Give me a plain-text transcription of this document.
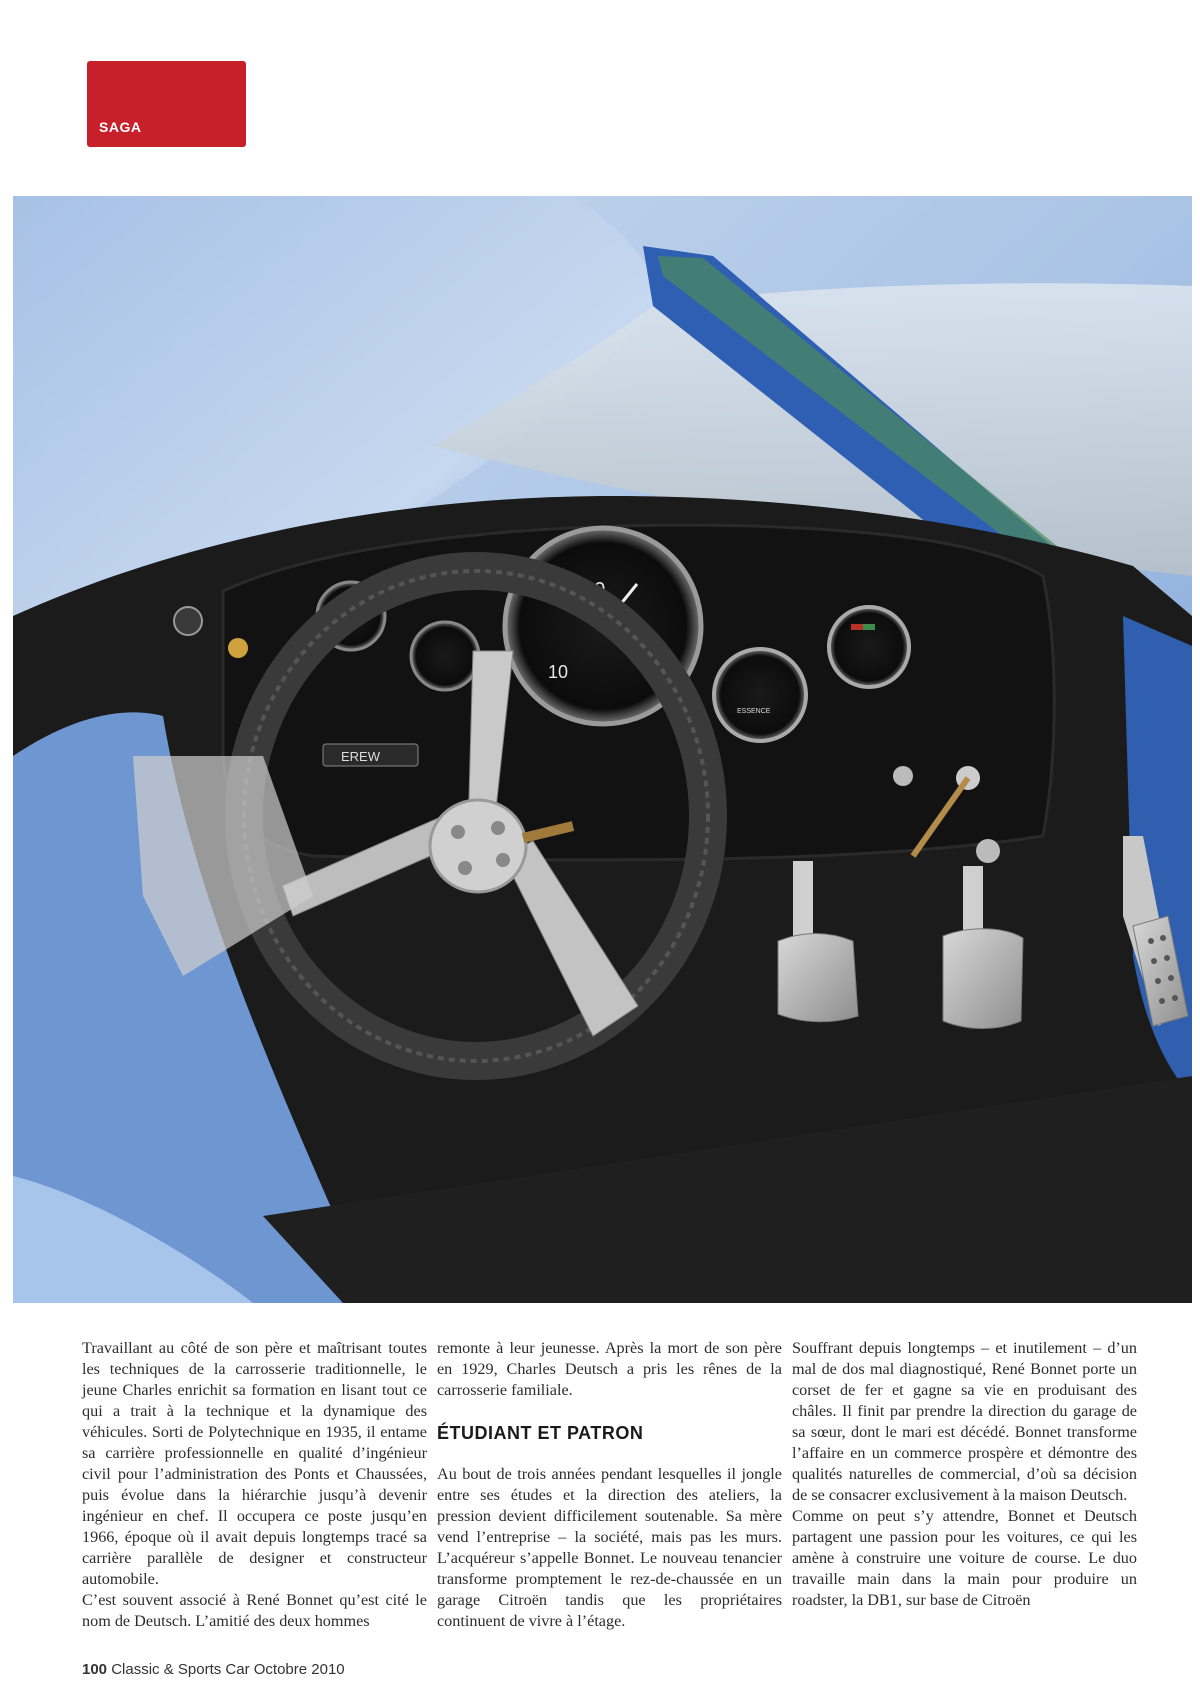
SAGA
30
10
ESSENCE
EREW

Travaillant au côté de son père et maîtrisant toutes les techniques de la carrosserie traditionnelle, le jeune Charles enrichit sa formation en lisant tout ce qui a trait à la technique et la dynamique des véhicules. Sorti de Polytechnique en 1935, il entame sa carrière professionnelle en qualité d’ingénieur civil pour l’administration des Ponts et Chaussées, puis évolue dans la hiérarchie jusqu’à devenir ingénieur en chef. Il occupera ce poste jusqu’en 1966, époque où il avait depuis longtemps tracé sa carrière parallèle de designer et constructeur automobile.

C’est souvent associé à René Bonnet qu’est cité le nom de Deutsch. L’amitié des deux hommes

remonte à leur jeunesse. Après la mort de son père en 1929, Charles Deutsch a pris les rênes de la carrosserie familiale.

ÉTUDIANT ET PATRON

Au bout de trois années pendant lesquelles il jongle entre ses études et la direction des ateliers, la pression devient difficilement soutenable. Sa mère vend l’entreprise – la société, mais pas les murs. L’acquéreur s’appelle Bonnet. Le nouveau tenancier transforme promptement le rez-de-chaussée en un garage Citroën tandis que les propriétaires continuent de vivre à l’étage.

Souffrant depuis longtemps – et inutilement – d’un mal de dos mal diagnostiqué, René Bonnet porte un corset de fer et gagne sa vie en produisant des châles. Il finit par prendre la direction du garage de sa sœur, dont le mari est décédé. Bonnet transforme l’affaire en un commerce prospère et démontre des qualités naturelles de commercial, d’où sa décision de se consacrer exclusivement à la maison Deutsch.

Comme on peut s’y attendre, Bonnet et Deutsch partagent une passion pour les voitures, ce qui les amène à construire une voiture de course. Le duo travaille main dans la main pour produire un roadster, la DB1, sur base de Citroën

100 Classic & Sports Car Octobre 2010
